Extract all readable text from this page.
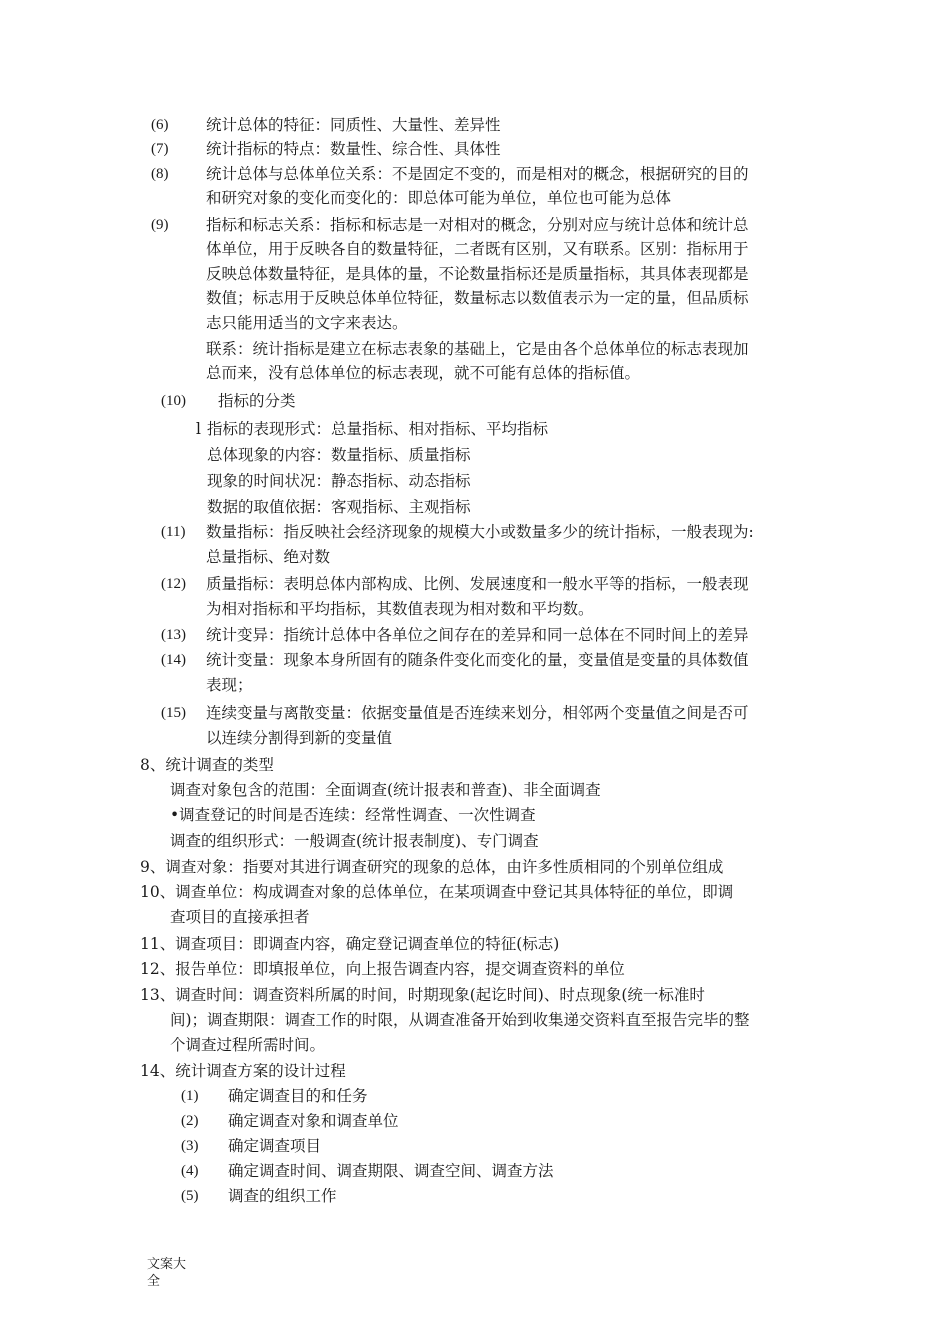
(6) 统计总体的特征：同质性、大量性、差异性
(7) 统计指标的特点：数量性、综合性、具体性
(8) 统计总体与总体单位关系：不是固定不变的，而是相对的概念，根据研究的目的
和研究对象的变化而变化的：即总体可能为单位，单位也可能为总体
(9) 指标和标志关系：指标和标志是一对相对的概念，分别对应与统计总体和统计总
体单位，用于反映各自的数量特征，二者既有区别，又有联系。区别：指标用于
反映总体数量特征，是具体的量，不论数量指标还是质量指标，其具体表现都是
数值；标志用于反映总体单位特征，数量标志以数值表示为一定的量，但品质标
志只能用适当的文字来表达。
联系：统计指标是建立在标志表象的基础上，它是由各个总体单位的标志表现加
总而来，没有总体单位的标志表现，就不可能有总体的指标值。
(10) 指标的分类
l 指标的表现形式：总量指标、相对指标、平均指标
总体现象的内容：数量指标、质量指标
现象的时间状况：静态指标、动态指标
数据的取值依据：客观指标、主观指标
(11) 数量指标：指反映社会经济现象的规模大小或数量多少的统计指标，一般表现为:
总量指标、绝对数
(12) 质量指标：表明总体内部构成、比例、发展速度和一般水平等的指标，一般表现
为相对指标和平均指标，其数值表现为相对数和平均数。
(13) 统计变异：指统计总体中各单位之间存在的差异和同一总体在不同时间上的差异
(14) 统计变量：现象本身所固有的随条件变化而变化的量，变量值是变量的具体数值
表现；
(15) 连续变量与离散变量：依据变量值是否连续来划分，相邻两个变量值之间是否可
以连续分割得到新的变量值
8、统计调查的类型
调查对象包含的范围：全面调查(统计报表和普查)、非全面调查
•调查登记的时间是否连续：经常性调查、一次性调查
调查的组织形式：一般调查(统计报表制度)、专门调查
9、调查对象：指要对其进行调查研究的现象的总体，由许多性质相同的个别单位组成
10、调查单位：构成调查对象的总体单位，在某项调查中登记其具体特征的单位，即调
查项目的直接承担者
11、调查项目：即调查内容，确定登记调查单位的特征(标志)
12、报告单位：即填报单位，向上报告调查内容，提交调查资料的单位
13、调查时间：调查资料所属的时间，时期现象(起讫时间)、时点现象(统一标准时
间)；调查期限：调查工作的时限，从调查准备开始到收集递交资料直至报告完毕的整
个调查过程所需时间。
14、统计调查方案的设计过程
(1) 确定调查目的和任务
(2) 确定调查对象和调查单位
(3) 确定调查项目
(4) 确定调查时间、调查期限、调查空间、调查方法
(5) 调查的组织工作
文案大
全
